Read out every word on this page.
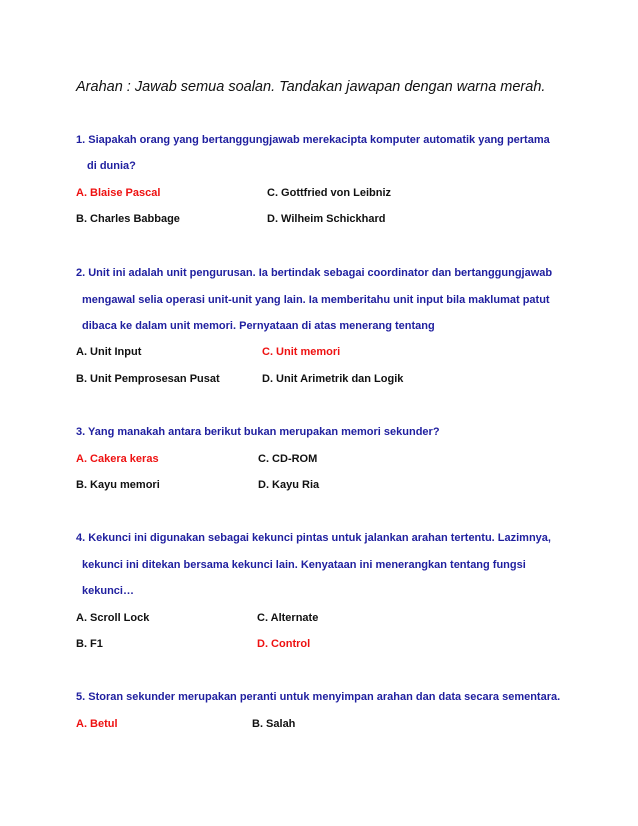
Arahan : Jawab semua soalan. Tandakan jawapan dengan warna merah.
1. Siapakah orang yang bertanggungjawab merekacipta komputer automatik yang pertama
di dunia?
A. Blaise Pascal	C. Gottfried von Leibniz
B. Charles Babbage	D. Wilheim Schickhard
2. Unit ini adalah unit pengurusan. Ia bertindak sebagai coordinator dan bertanggungjawab
mengawal selia operasi unit-unit yang lain. Ia memberitahu unit input bila maklumat patut
dibaca ke dalam unit memori. Pernyataan di atas menerang tentang
A. Unit Input	C. Unit memori
B. Unit Pemprosesan Pusat	D. Unit Arimetrik dan Logik
3. Yang manakah antara berikut bukan merupakan memori sekunder?
A. Cakera keras	C. CD-ROM
B. Kayu memori	D. Kayu Ria
4. Kekunci ini digunakan sebagai kekunci pintas untuk jalankan arahan tertentu. Lazimnya,
kekunci ini ditekan bersama kekunci lain. Kenyataan ini menerangkan tentang fungsi
kekunci…
A. Scroll Lock	C. Alternate
B. F1	D. Control
5. Storan sekunder merupakan peranti untuk menyimpan arahan dan data secara sementara.
A. Betul	B. Salah
